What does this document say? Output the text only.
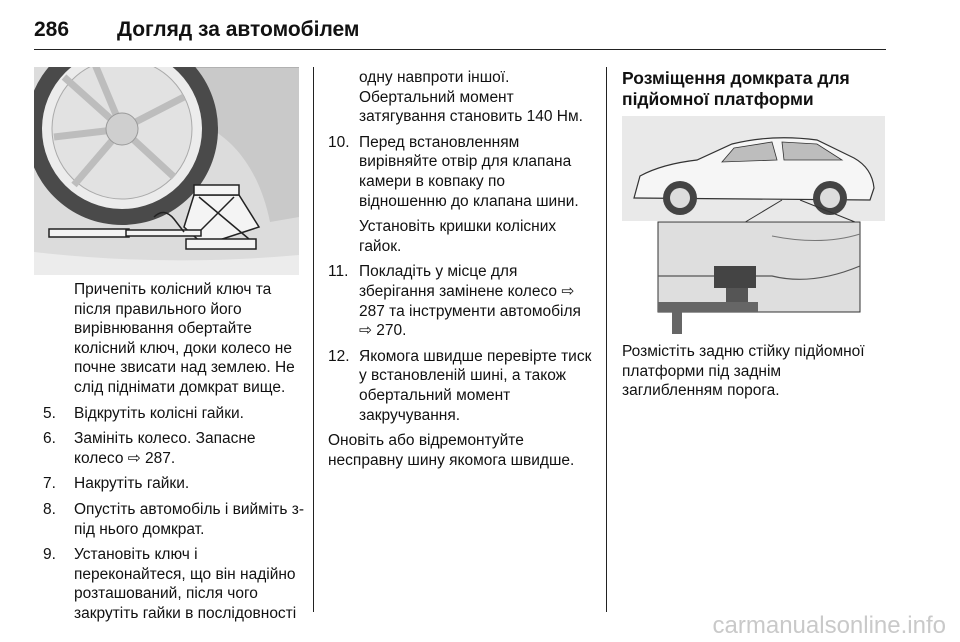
286 Догляд за автомобілем

Причепіть колісний ключ та після правильного його вирівнювання обертайте колісний ключ, доки колесо не почне звисати над землею. Не слід піднімати домкрат вище.

5. Відкрутіть колісні гайки.
6. Замініть колесо. Запасне колесо ⇨ 287.
7. Накрутіть гайки.
8. Опустіть автомобіль і вийміть з-під нього домкрат.
9. Установіть ключ і переконайтеся, що він надійно розташований, після чого закрутіть гайки в послідовності

одну навпроти іншої. Обертальний момент затягування становить 140 Нм.

10. Перед встановленням вирівняйте отвір для клапана камери в ковпаку по відношенню до клапана шини.
Установіть кришки колісних гайок.
11. Покладіть у місце для зберігання замінене колесо ⇨ 287 та інструменти автомобіля ⇨ 270.
12. Якомога швидше перевірте тиск у встановленій шині, а також обертальний момент закручування.

Оновіть або відремонтуйте несправну шину якомога швидше.

Розміщення домкрата для підйомної платформи

Розмістіть задню стійку підйомної платформи під заднім заглибленням порога.

carmanualsonline.info
